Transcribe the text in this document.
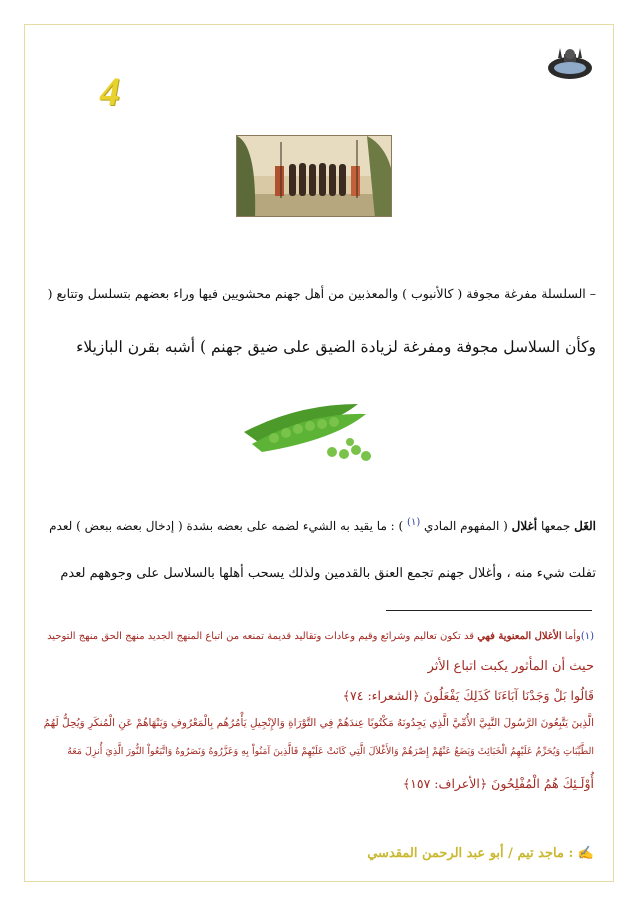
4
– السلسلة مفرغة مجوفة ( كالأنبوب ) والمعذبين من أهل جهنم محشويين فيها وراء بعضهم بتسلسل وتتابع (
وكأن السلاسل مجوفة ومفرغة لزيادة الضيق على ضيق جهنم ) أشبه بقرن البازيلاء
الغَل جمعها أغلال ( المفهوم المادي $^{(١)}$ ) : ما يقيد به الشيء لضمه على بعضه بشدة ( إدخال بعضه ببعض ) لعدم
تفلت شيء منه ، وأغلال جهنم تجمع العنق بالقدمين ولذلك يسحب أهلها بالسلاسل على وجوههم لعدم
(١)وأما الأغلال المعنوية فهي قد تكون تعاليم وشرائع وقيم وعادات وتقاليد قديمة تمنعه من اتباع المنهج الجديد منهج الحق منهج التوحيد
حيث أن المأثور يكبت اتباع الأثر
قَالُوا بَلْ وَجَدْنَا آبَاءَنَا كَذَلِكَ يَفْعَلُونَ ﴿الشعراء: ٧٤﴾
الَّذِينَ يَتَّبِعُونَ الرَّسُولَ النَّبِيَّ الأُمِّيَّ الَّذِي يَجِدُونَهُ مَكْتُوبًا عِندَهُمْ فِي التَّوْرَاةِ وَالإِنْجِيلِ يَأْمُرُهُم بِالْمَعْرُوفِ وَيَنْهَاهُمْ عَنِ الْمُنكَرِ وَيُحِلُّ لَهُمُ
الطَّيِّبَاتِ وَيُحَرِّمُ عَلَيْهِمُ الْخَبَائِثَ وَيَضَعُ عَنْهُمْ إِصْرَهُمْ وَالأَغْلاَلَ الَّتِي كَانَتْ عَلَيْهِمْ فَالَّذِينَ آمَنُواْ بِهِ وَعَزَّرُوهُ وَنَصَرُوهُ وَاتَّبَعُواْ النُّورَ الَّذِيَ أُنزِلَ مَعَهُ
أُوْلَـئِكَ هُمُ الْمُفْلِحُونَ ﴿الأعراف: ١٥٧﴾
✍ : ماجد تيم / أبو عبد الرحمن المقدسي
